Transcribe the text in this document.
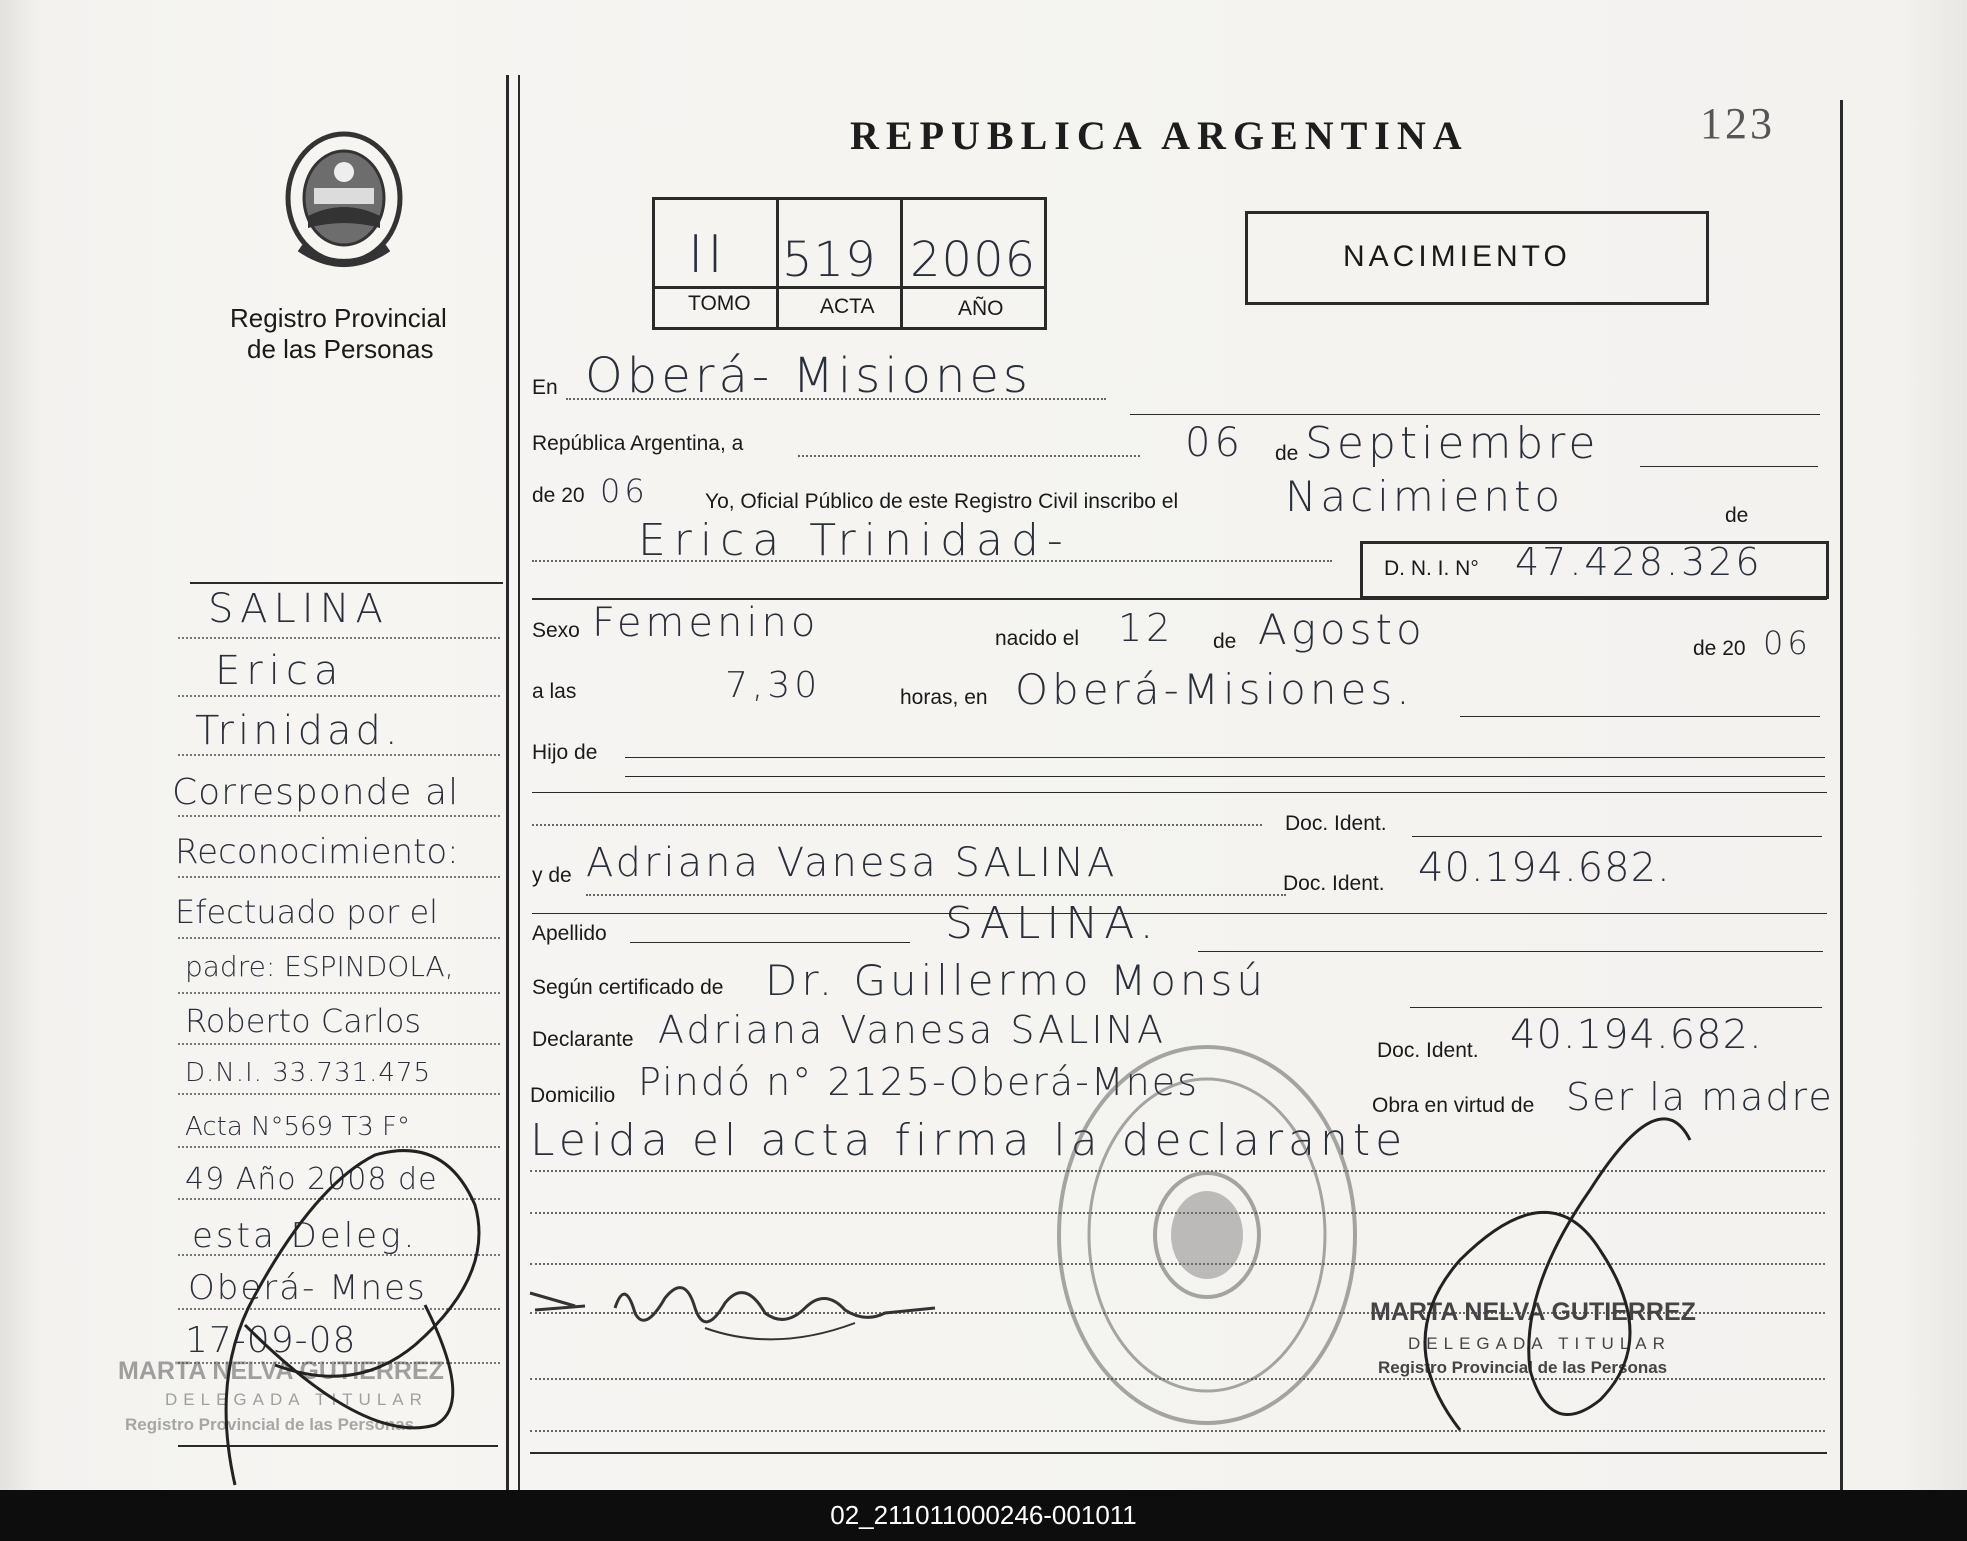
Registro Provincial
de las Personas
REPUBLICA ARGENTINA	123
II 519 2006
TOMO	ACTA	AÑO
NACIMIENTO
En Oberá- Misiones
República Argentina, a	06 de Septiembre
de 20 06	Yo, Oficial Público de este Registro Civil inscribo el	Nacimiento	de
Erica Trinidad-
D. N. I. N° 47.428.326
Sexo Femenino	nacido el 12 de Agosto	de 20 06
a las	7,30	horas, en Oberá-Misiones.
Hijo de
Doc. Ident.
y de Adriana Vanesa SALINA	Doc. Ident. 40.194.682.
Apellido	SALINA.
Según certificado de Dr. Guillermo Monsú
Declarante Adriana Vanesa SALINA	Doc. Ident. 40.194.682.
Domicilio Pindó n° 2125-Oberá-Mnes
Obra en virtud de Ser la madre
Leida el acta firma la declarante
MARTA NELVA GUTIERREZ
DELEGADA TITULAR
Registro Provincial de las Personas
SALINA
Erica
Trinidad.
Corresponde al
Reconocimiento:
Efectuado por el
padre: ESPINDOLA,
Roberto Carlos
D.N.I. 33.731.475
Acta N°569 T3 F°
49 Año 2008 de
esta Deleg.
Oberá- Mnes
17-09-08
MARTA NELVA GUTIERREZ
DELEGADA TITULAR
Registro Provincial de las Personas
02_211011000246-001011
